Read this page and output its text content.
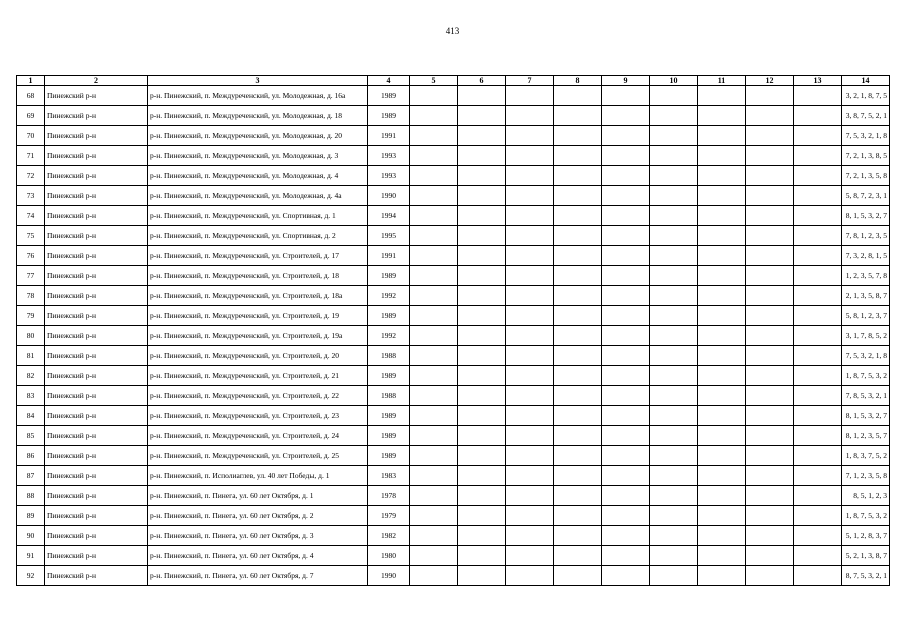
413
1	2	3	4	5	6	7	8	9	10	11	12	13	14
68	Пинежский р-н	р-н. Пинежский, п. Междуреченский, ул. Молодежная, д. 16а	1989										3, 2, 1, 8, 7, 5
69	Пинежский р-н	р-н. Пинежский, п. Междуреченский, ул. Молодежная, д. 18	1989										3, 8, 7, 5, 2, 1
70	Пинежский р-н	р-н. Пинежский, п. Междуреченский, ул. Молодежная, д. 20	1991										7, 5, 3, 2, 1, 8
71	Пинежский р-н	р-н. Пинежский, п. Междуреченский, ул. Молодежная, д. 3	1993										7, 2, 1, 3, 8, 5
72	Пинежский р-н	р-н. Пинежский, п. Междуреченский, ул. Молодежная, д. 4	1993										7, 2, 1, 3, 5, 8
73	Пинежский р-н	р-н. Пинежский, п. Междуреченский, ул. Молодежная, д. 4а	1990										5, 8, 7, 2, 3, 1
74	Пинежский р-н	р-н. Пинежский, п. Междуреченский, ул. Спортивная, д. 1	1994										8, 1, 5, 3, 2, 7
75	Пинежский р-н	р-н. Пинежский, п. Междуреченский, ул. Спортивная, д. 2	1995										7, 8, 1, 2, 3, 5
76	Пинежский р-н	р-н. Пинежский, п. Междуреченский, ул. Строителей, д. 17	1991										7, 3, 2, 8, 1, 5
77	Пинежский р-н	р-н. Пинежский, п. Междуреченский, ул. Строителей, д. 18	1989										1, 2, 3, 5, 7, 8
78	Пинежский р-н	р-н. Пинежский, п. Междуреченский, ул. Строителей, д. 18а	1992										2, 1, 3, 5, 8, 7
79	Пинежский р-н	р-н. Пинежский, п. Междуреченский, ул. Строителей, д. 19	1989										5, 8, 1, 2, 3, 7
80	Пинежский р-н	р-н. Пинежский, п. Междуреченский, ул. Строителей, д. 19а	1992										3, 1, 7, 8, 5, 2
81	Пинежский р-н	р-н. Пинежский, п. Междуреченский, ул. Строителей, д. 20	1988										7, 5, 3, 2, 1, 8
82	Пинежский р-н	р-н. Пинежский, п. Междуреченский, ул. Строителей, д. 21	1989										1, 8, 7, 5, 3, 2
83	Пинежский р-н	р-н. Пинежский, п. Междуреченский, ул. Строителей, д. 22	1988										7, 8, 5, 3, 2, 1
84	Пинежский р-н	р-н. Пинежский, п. Междуреченский, ул. Строителей, д. 23	1989										8, 1, 5, 3, 2, 7
85	Пинежский р-н	р-н. Пинежский, п. Междуреченский, ул. Строителей, д. 24	1989										8, 1, 2, 3, 5, 7
86	Пинежский р-н	р-н. Пинежский, п. Междуреченский, ул. Строителей, д. 25	1989										1, 8, 3, 7, 5, 2
87	Пинежский р-н	р-н. Пинежский, п. Исполиаглев, ул. 40 лет Победы, д. 1	1983										7, 1, 2, 3, 5, 8
88	Пинежский р-н	р-н. Пинежский, п. Пинега, ул. 60 лет Октября, д. 1	1978										8, 5, 1, 2, 3
89	Пинежский р-н	р-н. Пинежский, п. Пинега, ул. 60 лет Октября, д. 2	1979										1, 8, 7, 5, 3, 2
90	Пинежский р-н	р-н. Пинежский, п. Пинега, ул. 60 лет Октября, д. 3	1982										5, 1, 2, 8, 3, 7
91	Пинежский р-н	р-н. Пинежский, п. Пинега, ул. 60 лет Октября, д. 4	1980										5, 2, 1, 3, 8, 7
92	Пинежский р-н	р-н. Пинежский, п. Пинега, ул. 60 лет Октября, д. 7	1990										8, 7, 5, 3, 2, 1
